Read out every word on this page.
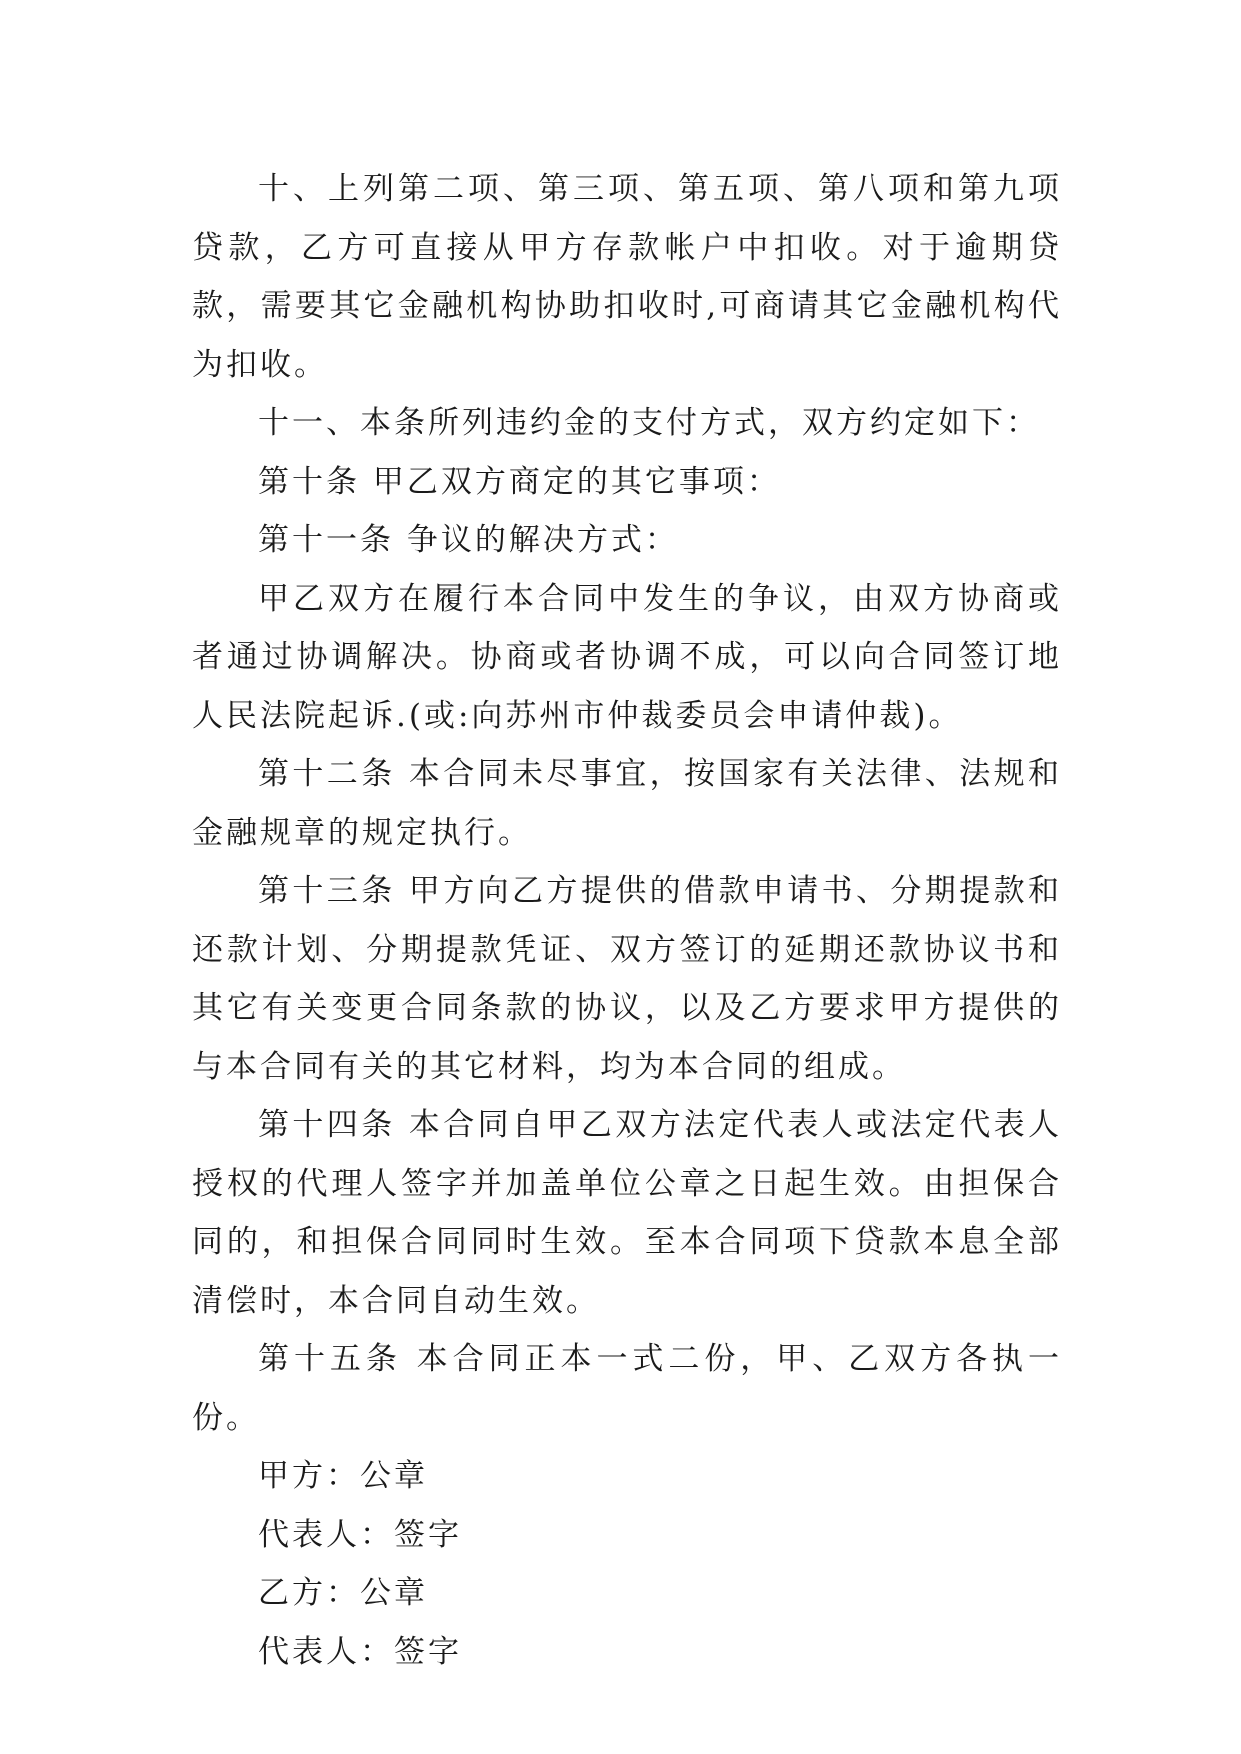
十、上列第二项、第三项、第五项、第八项和第九项贷款，乙方可直接从甲方存款帐户中扣收。对于逾期贷款，需要其它金融机构协助扣收时,可商请其它金融机构代为扣收。

十一、本条所列违约金的支付方式，双方约定如下：

第十条 甲乙双方商定的其它事项：

第十一条 争议的解决方式：

甲乙双方在履行本合同中发生的争议，由双方协商或者通过协调解决。协商或者协调不成，可以向合同签订地人民法院起诉.(或:向苏州市仲裁委员会申请仲裁)。

第十二条 本合同未尽事宜，按国家有关法律、法规和金融规章的规定执行。

第十三条 甲方向乙方提供的借款申请书、分期提款和还款计划、分期提款凭证、双方签订的延期还款协议书和其它有关变更合同条款的协议，以及乙方要求甲方提供的与本合同有关的其它材料，均为本合同的组成。

第十四条 本合同自甲乙双方法定代表人或法定代表人授权的代理人签字并加盖单位公章之日起生效。由担保合同的，和担保合同同时生效。至本合同项下贷款本息全部清偿时，本合同自动生效。

第十五条 本合同正本一式二份，甲、乙双方各执一份。

甲方：公章

代表人：签字

乙方：公章

代表人：签字
